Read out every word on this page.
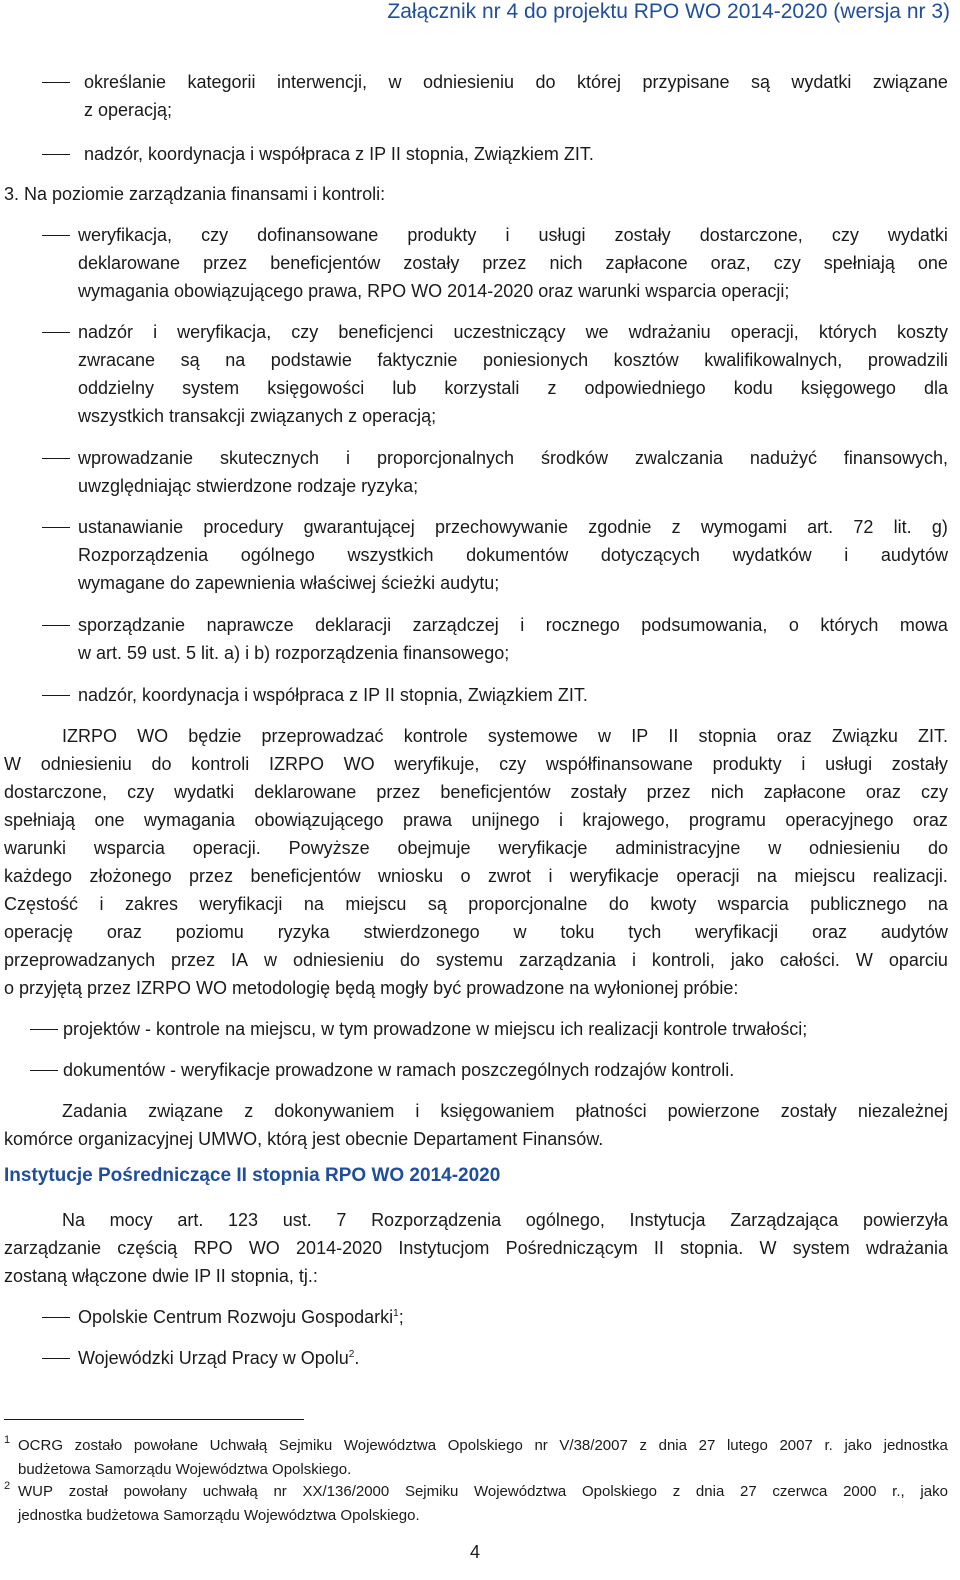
Załącznik nr 4 do projektu RPO WO 2014-2020 (wersja nr 3)
Instytucje Pośredniczące II stopnia RPO WO 2014-2020
4
określanie kategorii interwencji, w odniesieniu do której przypisane są wydatki związane
z operacją;
nadzór, koordynacja i współpraca z IP II stopnia, Związkiem ZIT.
3. Na poziomie zarządzania finansami i kontroli:
weryfikacja, czy dofinansowane produkty i usługi zostały dostarczone, czy wydatki
deklarowane przez beneficjentów zostały przez nich zapłacone oraz, czy spełniają one
wymagania obowiązującego prawa, RPO WO 2014-2020 oraz warunki wsparcia operacji;
nadzór i weryfikacja, czy beneficjenci uczestniczący we wdrażaniu operacji, których koszty
zwracane są na podstawie faktycznie poniesionych kosztów kwalifikowalnych, prowadzili
oddzielny system księgowości lub korzystali z odpowiedniego kodu księgowego dla
wszystkich transakcji związanych z operacją;
wprowadzanie skutecznych i proporcjonalnych środków zwalczania nadużyć finansowych,
uwzględniając stwierdzone rodzaje ryzyka;
ustanawianie procedury gwarantującej przechowywanie zgodnie z wymogami art. 72 lit. g)
Rozporządzenia ogólnego wszystkich dokumentów dotyczących wydatków i audytów
wymagane do zapewnienia właściwej ścieżki audytu;
sporządzanie naprawcze deklaracji zarządczej i rocznego podsumowania, o których mowa
w art. 59 ust. 5 lit. a) i b) rozporządzenia finansowego;
nadzór, koordynacja i współpraca z IP II stopnia, Związkiem ZIT.
IZRPO WO będzie przeprowadzać kontrole systemowe w IP II stopnia oraz Związku ZIT.
W odniesieniu do kontroli IZRPO WO weryfikuje, czy współfinansowane produkty i usługi zostały
dostarczone, czy wydatki deklarowane przez beneficjentów zostały przez nich zapłacone oraz czy
spełniają one wymagania obowiązującego prawa unijnego i krajowego, programu operacyjnego oraz
warunki wsparcia operacji. Powyższe obejmuje weryfikacje administracyjne w odniesieniu do
każdego złożonego przez beneficjentów wniosku o zwrot i weryfikacje operacji na miejscu realizacji.
Częstość i zakres weryfikacji na miejscu są proporcjonalne do kwoty wsparcia publicznego na
operację oraz poziomu ryzyka stwierdzonego w toku tych weryfikacji oraz audytów
przeprowadzanych przez IA w odniesieniu do systemu zarządzania i kontroli, jako całości. W oparciu
o przyjętą przez IZRPO WO metodologię będą mogły być prowadzone na wyłonionej próbie:
projektów - kontrole na miejscu, w tym prowadzone w miejscu ich realizacji kontrole trwałości;
dokumentów - weryfikacje prowadzone w ramach poszczególnych rodzajów kontroli.
Zadania związane z dokonywaniem i księgowaniem płatności powierzone zostały niezależnej
komórce organizacyjnej UMWO, którą jest obecnie Departament Finansów.
Na mocy art. 123 ust. 7 Rozporządzenia ogólnego, Instytucja Zarządzająca powierzyła
zarządzanie częścią RPO WO 2014-2020 Instytucjom Pośredniczącym II stopnia. W system wdrażania
zostaną włączone dwie IP II stopnia, tj.:
Opolskie Centrum Rozwoju Gospodarki$^1$;
Wojewódzki Urząd Pracy w Opolu$^2$.
1 OCRG zostało powołane Uchwałą Sejmiku Województwa Opolskiego nr V/38/2007 z dnia 27 lutego 2007 r. jako jednostka
budżetowa Samorządu Województwa Opolskiego.
2 WUP został powołany uchwałą nr XX/136/2000 Sejmiku Województwa Opolskiego z dnia 27 czerwca 2000 r., jako
jednostka budżetowa Samorządu Województwa Opolskiego.
